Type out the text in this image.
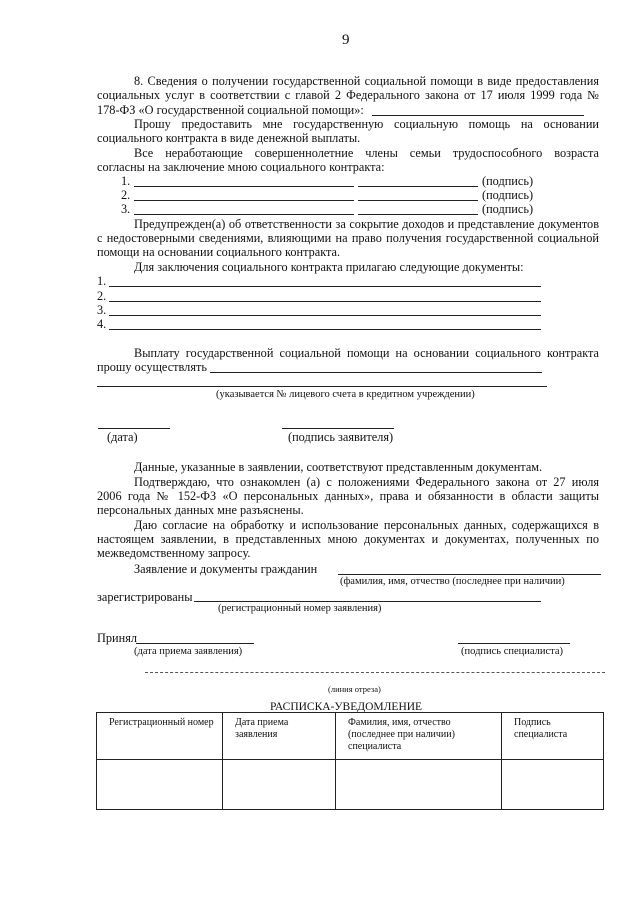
9
8. Сведения о получении государственной социальной помощи в виде предоставления
социальных услуг в соответствии с главой 2 Федерального закона от 17 июля 1999 года №
178-ФЗ «О государственной социальной помощи»:
Прошу предоставить мне государственную социальную помощь на основании
социального контракта в виде денежной выплаты.
Все неработающие совершеннолетние члены семьи трудоспособного возраста
согласны на заключение мною социального контракта:
1.	(подпись)
2.	(подпись)
3.	(подпись)
Предупрежден(а) об ответственности за сокрытие доходов и представление документов
с недостоверными сведениями, влияющими на право получения государственной социальной
помощи на основании социального контракта.
Для заключения социального контракта прилагаю следующие документы:
1.
2.
3.
4.
Выплату государственной социальной помощи на основании социального контракта
прошу осуществлять
(указывается № лицевого счета в кредитном учреждении)
(дата)	(подпись заявителя)
Данные, указанные в заявлении, соответствуют представленным документам.
Подтверждаю, что ознакомлен (а) с положениями Федерального закона от 27 июля
2006 года № 152-ФЗ «О персональных данных», права и обязанности в области защиты
персональных данных мне разъяснены.
Даю согласие на обработку и использование персональных данных, содержащихся в
настоящем заявлении, в представленных мною документах и документах, полученных по
межведомственному запросу.
Заявление и документы гражданин
(фамилия, имя, отчество (последнее при наличии)
зарегистрированы
(регистрационный номер заявления)
Принял
(дата приема заявления)	(подпись специалиста)
(линия отреза)
РАСПИСКА-УВЕДОМЛЕНИЕ
Регистрационный номер	Дата приема заявления	Фамилия, имя, отчество (последнее при наличии) специалиста	Подпись специалиста
